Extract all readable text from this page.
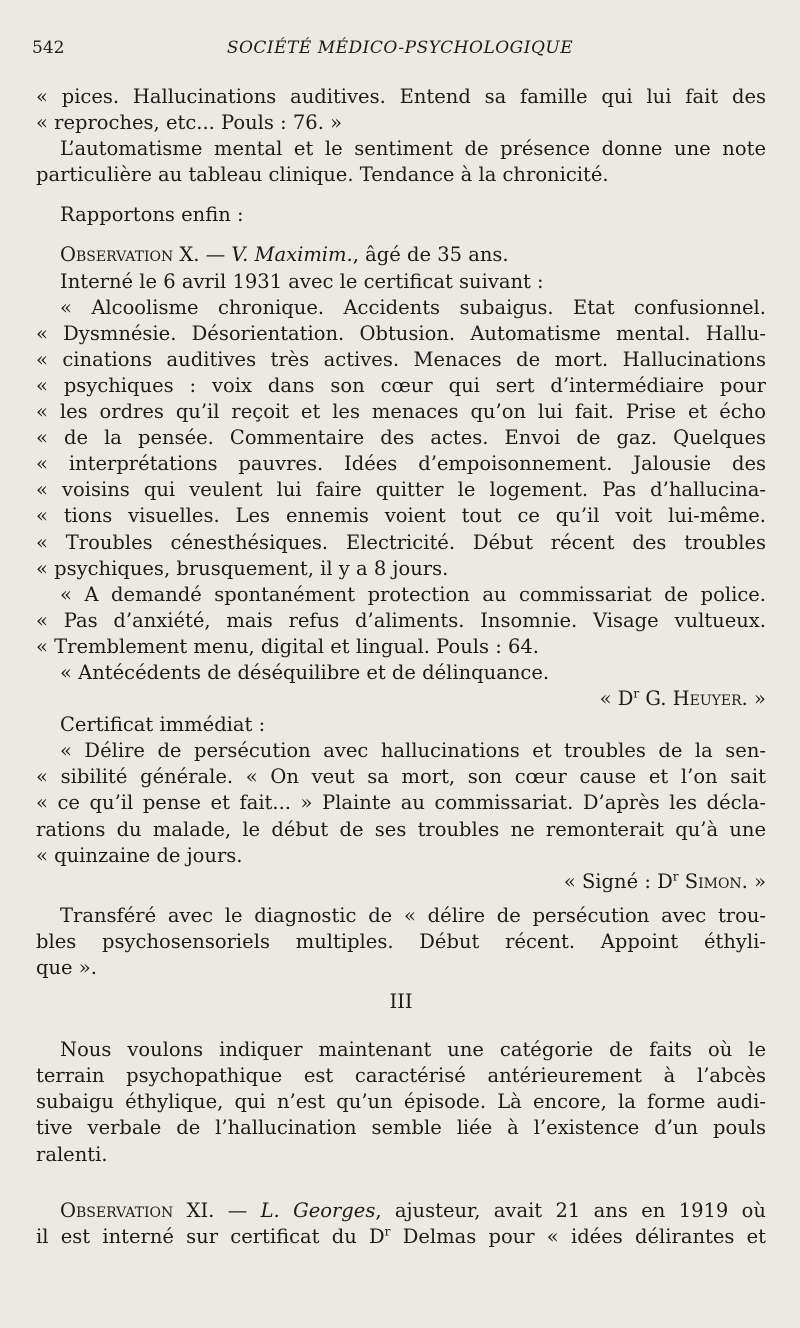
542	SOCIÉTÉ MÉDICO-PSYCHOLOGIQUE

« pices. Hallucinations auditives. Entend sa famille qui lui fait des

« reproches, etc... Pouls : 76. »

L’automatisme mental et le sentiment de présence donne une note

particulière au tableau clinique. Tendance à la chronicité.

Rapportons enfin :

Observation X. — V. Maximim., âgé de 35 ans.

Interné le 6 avril 1931 avec le certificat suivant :

« Alcoolisme chronique. Accidents subaigus. Etat confusionnel.

« Dysmnésie. Désorientation. Obtusion. Automatisme mental. Hallu-

« cinations auditives très actives. Menaces de mort. Hallucinations

« psychiques : voix dans son cœur qui sert d’intermédiaire pour

« les ordres qu’il reçoit et les menaces qu’on lui fait. Prise et écho

« de la pensée. Commentaire des actes. Envoi de gaz. Quelques

« interprétations pauvres. Idées d’empoisonnement. Jalousie des

« voisins qui veulent lui faire quitter le logement. Pas d’hallucina-

« tions visuelles. Les ennemis voient tout ce qu’il voit lui-même.

« Troubles cénesthésiques. Electricité. Début récent des troubles

« psychiques, brusquement, il y a 8 jours.

« A demandé spontanément protection au commissariat de police.

« Pas d’anxiété, mais refus d’aliments. Insomnie. Visage vultueux.

« Tremblement menu, digital et lingual. Pouls : 64.

« Antécédents de déséquilibre et de délinquance.

« $D^r$ G. Heuyer. »

Certificat immédiat :

« Délire de persécution avec hallucinations et troubles de la sen-

« sibilité générale. « On veut sa mort, son cœur cause et l’on sait

« ce qu’il pense et fait... » Plainte au commissariat. D’après les décla-

rations du malade, le début de ses troubles ne remonterait qu’à une

« quinzaine de jours.

« Signé : $D^r$ Simon. »

Transféré avec le diagnostic de « délire de persécution avec trou-

bles psychosensoriels multiples. Début récent. Appoint éthyli-

que ».

III

Nous voulons indiquer maintenant une catégorie de faits où le

terrain psychopathique est caractérisé antérieurement à l’abcès

subaigu éthylique, qui n’est qu’un épisode. Là encore, la forme audi-

tive verbale de l’hallucination semble liée à l’existence d’un pouls

ralenti.

Observation XI. — L. Georges, ajusteur, avait 21 ans en 1919 où

il est interné sur certificat du $D^r$ Delmas pour « idées délirantes et
